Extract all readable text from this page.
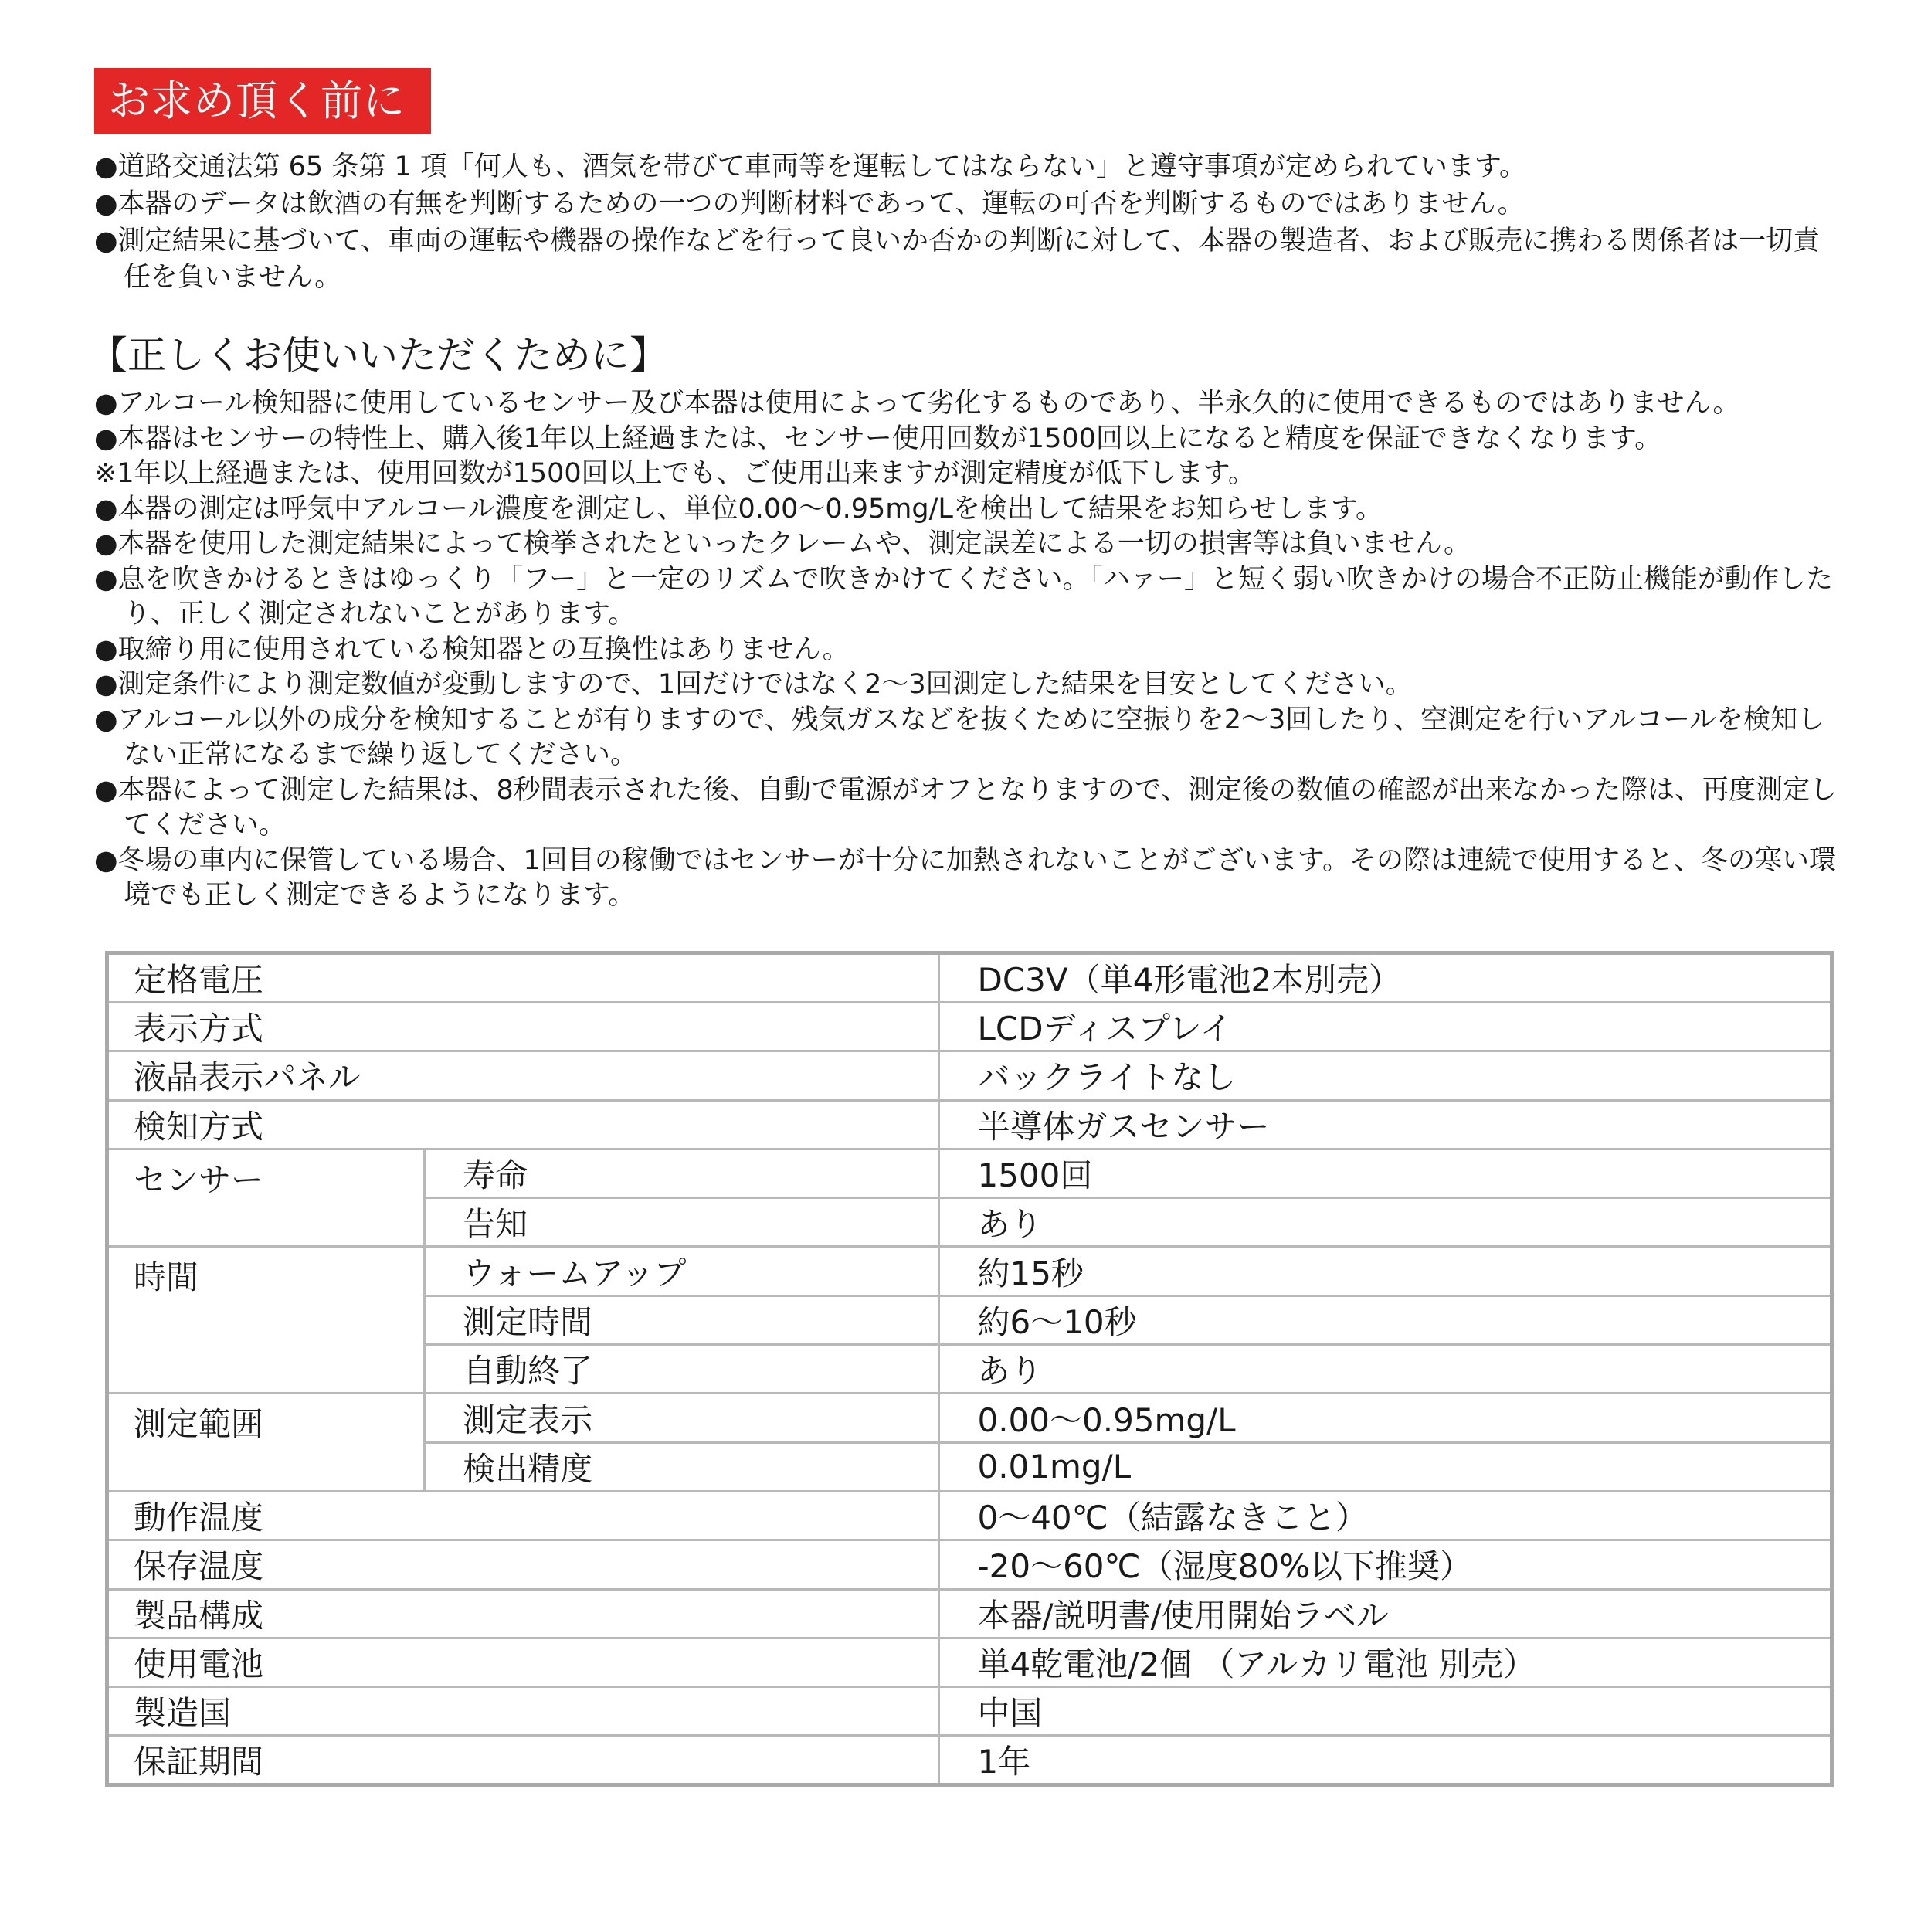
お求め頂く前に
●道路交通法第 65 条第 1 項「何人も、酒気を帯びて車両等を運転してはならない」と遵守事項が定められています。
●本器のデータは飲酒の有無を判断するための一つの判断材料であって、運転の可否を判断するものではありません。
●測定結果に基づいて、車両の運転や機器の操作などを行って良いか否かの判断に対して、本器の製造者、および販売に携わる関係者は一切責任を負いません。
【正しくお使いいただくために】
●アルコール検知器に使用しているセンサー及び本器は使用によって劣化するものであり、半永久的に使用できるものではありません。
●本器はセンサーの特性上、購入後1年以上経過または、センサー使用回数が1500回以上になると精度を保証できなくなります。
※1年以上経過または、使用回数が1500回以上でも、ご使用出来ますが測定精度が低下します。
●本器の測定は呼気中アルコール濃度を測定し、単位0.00〜0.95mg/Lを検出して結果をお知らせします。
●本器を使用した測定結果によって検挙されたといったクレームや、測定誤差による一切の損害等は負いません。
●息を吹きかけるときはゆっくり「フー」と一定のリズムで吹きかけてください。「ハァー」と短く弱い吹きかけの場合不正防止機能が動作したり、正しく測定されないことがあります。
●取締り用に使用されている検知器との互換性はありません。
●測定条件により測定数値が変動しますので、1回だけではなく2〜3回測定した結果を目安としてください。
●アルコール以外の成分を検知することが有りますので、残気ガスなどを抜くために空振りを2〜3回したり、空測定を行いアルコールを検知しない正常になるまで繰り返してください。
●本器によって測定した結果は、8秒間表示された後、自動で電源がオフとなりますので、測定後の数値の確認が出来なかった際は、再度測定してください。
●冬場の車内に保管している場合、1回目の稼働ではセンサーが十分に加熱されないことがございます。その際は連続で使用すると、冬の寒い環境でも正しく測定できるようになります。
定格電圧		DC3V（単4形電池2本別売）
表示方式		LCDディスプレイ
液晶表示パネル		バックライトなし
検知方式		半導体ガスセンサー
センサー	寿命	1500回
	告知	あり
時間	ウォームアップ	約15秒
	測定時間	約6〜10秒
	自動終了	あり
測定範囲	測定表示	0.00〜0.95mg/L
	検出精度	0.01mg/L
動作温度		0〜40℃（結露なきこと）
保存温度		-20〜60℃（湿度80%以下推奨）
製品構成		本器/説明書/使用開始ラベル
使用電池		単4乾電池/2個 （アルカリ電池 別売）
製造国		中国
保証期間		1年
